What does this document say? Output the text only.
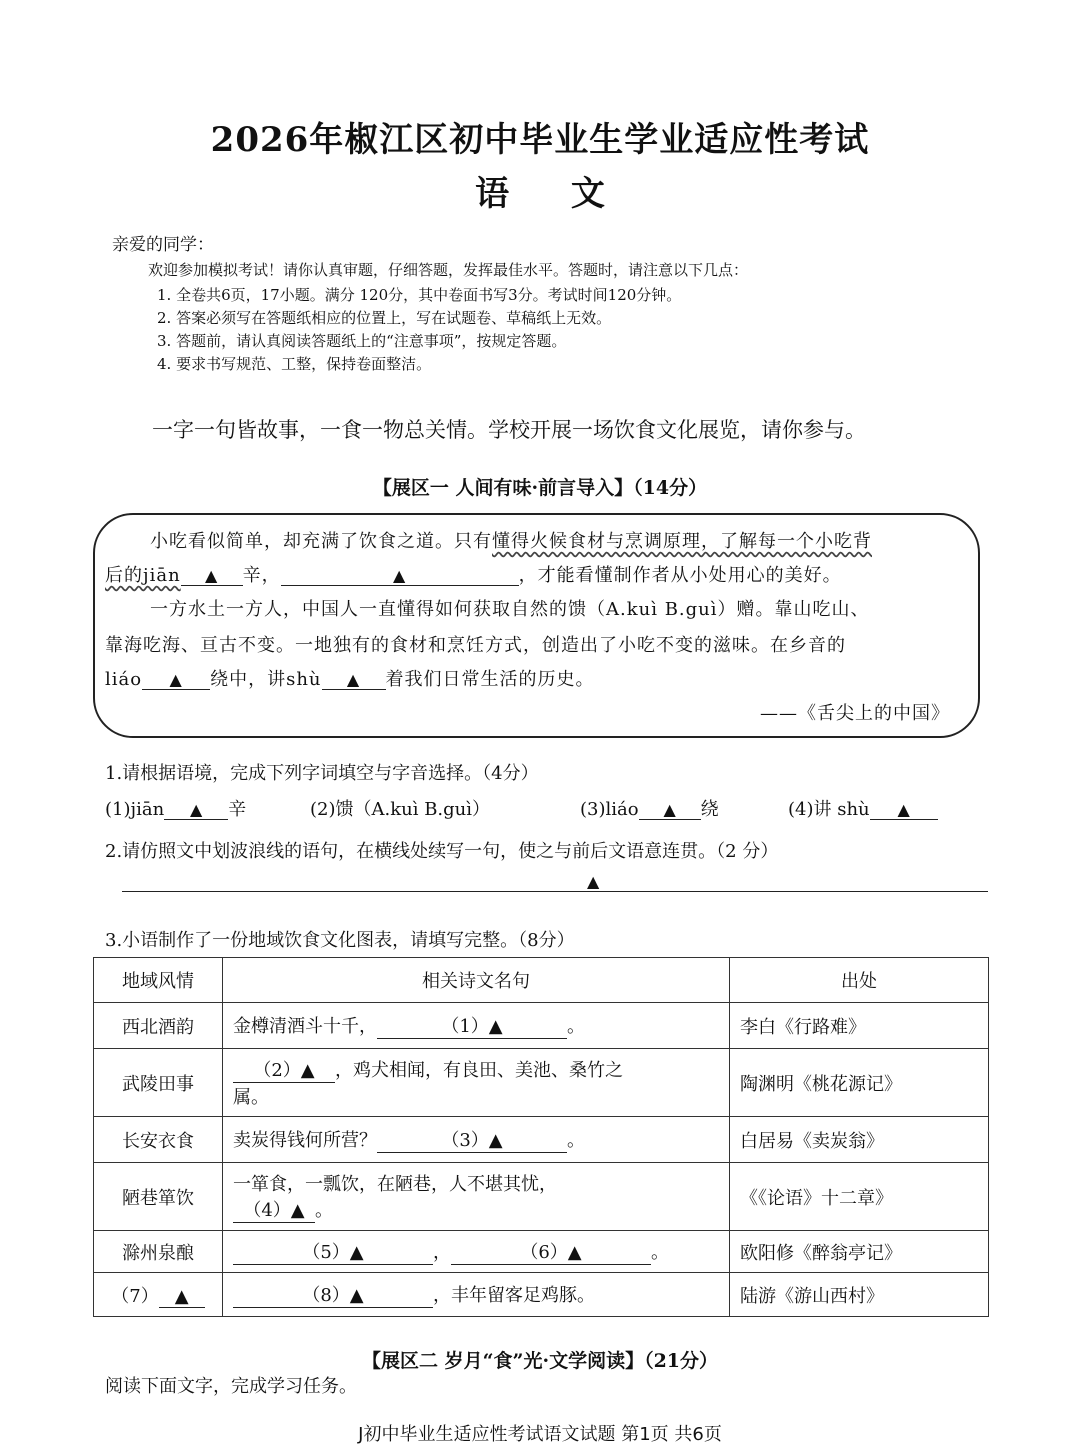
2026年椒江区初中毕业生学业适应性考试
语 文
亲爱的同学：
欢迎参加模拟考试！请你认真审题，仔细答题，发挥最佳水平。答题时，请注意以下几点：
1. 全卷共6页，17小题。满分 120分，其中卷面书写3分。考试时间120分钟。
2. 答案必须写在答题纸相应的位置上，写在试题卷、草稿纸上无效。
3. 答题前，请认真阅读答题纸上的“注意事项”，按规定答题。
4. 要求书写规范、工整，保持卷面整洁。
一字一句皆故事，一食一物总关情。学校开展一场饮食文化展览，请你参与。
【展区一 人间有味·前言导入】（14分）
小吃看似简单，却充满了饮食之道。只有懂得火候食材与烹调原理，了解每一个小吃背
后的jiān ▲ 辛，	▲	，才能看懂制作者从小处用心的美好。
一方水土一方人，中国人一直懂得如何获取自然的馈（A.kuì B.guì）赠。靠山吃山、
靠海吃海、亘古不变。一地独有的食材和烹饪方式，创造出了小吃不变的滋味。在乡音的
liáo ▲ 绕中，讲shù ▲ 着我们日常生活的历史。
——《舌尖上的中国》
1.请根据语境，完成下列字词填空与字音选择。（4分）
(1)jiān ▲ 辛	(2)馈（A.kuì B.guì）	(3)liáo ▲ 绕	(4)讲 shù ▲
2.请仿照文中划波浪线的语句，在横线处续写一句，使之与前后文语意连贯。（2 分）
▲
3.小语制作了一份地域饮食文化图表，请填写完整。（8分）
地域风情	相关诗文名句	出处
西北酒韵	金樽清酒斗十千， （1）▲ 。	李白《行路难》
武陵田事	（2）▲ ，鸡犬相闻，有良田、美池、桑竹之
属。	陶渊明《桃花源记》
长安衣食	卖炭得钱何所营？ （3）▲ 。	白居易《卖炭翁》
陋巷箪饮	一箪食，一瓢饮，在陋巷，人不堪其忧，
（4）▲ 。	《《论语》十二章》
滁州泉酿	（5）▲ ， （6）▲ 。	欧阳修《醉翁亭记》
（7） ▲	（8）▲ ，丰年留客足鸡豚。	陆游《游山西村》
【展区二 岁月“食”光·文学阅读】（21分）
阅读下面文字，完成学习任务。
J初中毕业生适应性考试语文试题 第1页 共6页
